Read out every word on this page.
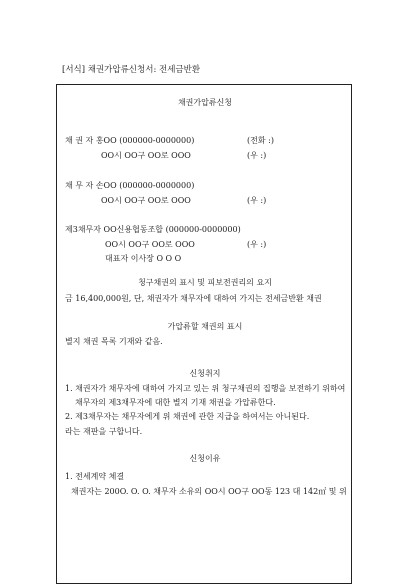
[서식] 채권가압류신청서: 전세금반환
채권가압류신청
채 권 자 홍OO (000000-0000000)	(전화 :)
OO시 OO구 OO로 OOO	(우 :)
채 무 자 손OO (000000-0000000)
OO시 OO구 OO로 OOO	(우 :)
제3채무자 OO신용협동조합 (000000-0000000)
OO시 OO구 OO로 OOO	(우 :)
대표자 이사장 O O O
청구채권의 표시 및 피보전권리의 요지
금 16,400,000원, 단, 채권자가 채무자에 대하여 가지는 전세금반환 채권
가압류할 채권의 표시
별지 채권 목록 기재와 같음.
신청취지
1. 채권자가 채무자에 대하여 가지고 있는 위 청구채권의 집행을 보전하기 위하여
채무자의 제3채무자에 대한 별지 기재 채권을 가압류한다.
2. 제3채무자는 채무자에게 위 채권에 관한 지급을 하여서는 아니된다.
라는 재판을 구합니다.
신청이유
1. 전세계약 체결
채권자는 200O. O. O. 채무자 소유의 OO시 OO구 OO동 123 대 142㎡ 및 위
